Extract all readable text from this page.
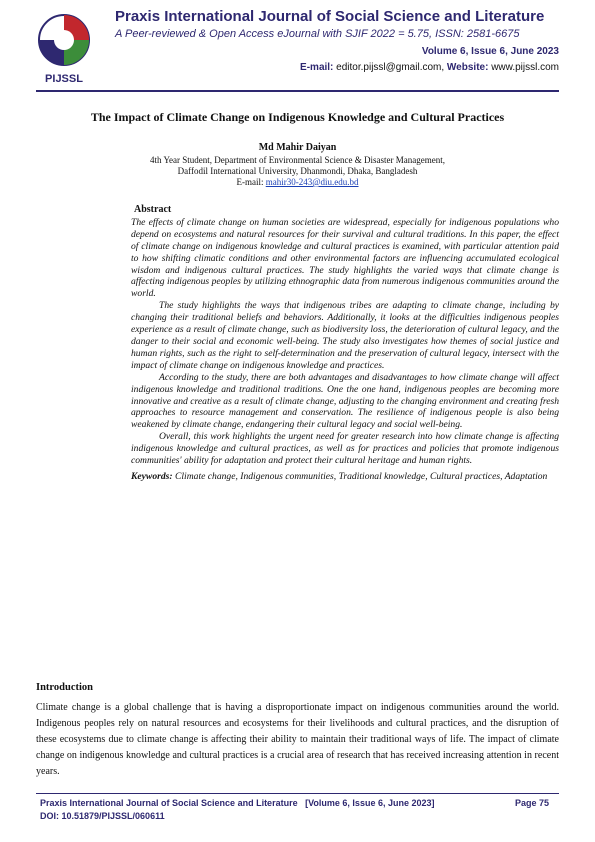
PIJSSL
Praxis International Journal of Social Science and Literature
A Peer-reviewed & Open Access eJournal with SJIF 2022 = 5.75, ISSN: 2581-6675
Volume 6, Issue 6, June 2023
E-mail: editor.pijssl@gmail.com, Website: www.pijssl.com
The Impact of Climate Change on Indigenous Knowledge and Cultural Practices
Md Mahir Daiyan
4th Year Student, Department of Environmental Science & Disaster Management,
Daffodil International University, Dhanmondi, Dhaka, Bangladesh
E-mail: mahir30-243@diu.edu.bd
Abstract

The effects of climate change on human societies are widespread, especially for indigenous populations who depend on ecosystems and natural resources for their survival and cultural traditions. In this paper, the effect of climate change on indigenous knowledge and cultural practices is examined, with particular attention paid to how shifting climatic conditions and other environmental factors are influencing accumulated ecological wisdom and indigenous cultural practices. The study highlights the varied ways that climate change is affecting indigenous peoples by utilizing ethnographic data from numerous indigenous communities around the world.

The study highlights the ways that indigenous tribes are adapting to climate change, including by changing their traditional beliefs and behaviors. Additionally, it looks at the difficulties indigenous peoples experience as a result of climate change, such as biodiversity loss, the deterioration of cultural legacy, and the danger to their social and economic well-being. The study also investigates how themes of social justice and human rights, such as the right to self-determination and the preservation of cultural legacy, intersect with the impact of climate change on indigenous knowledge and practices.

According to the study, there are both advantages and disadvantages to how climate change will affect indigenous knowledge and traditional traditions. One the one hand, indigenous peoples are becoming more innovative and creative as a result of climate change, adjusting to the changing environment and creating fresh approaches to resource management and conservation. The resilience of indigenous people is also being weakened by climate change, endangering their cultural legacy and social well-being.

Overall, this work highlights the urgent need for greater research into how climate change is affecting indigenous knowledge and cultural practices, as well as for practices and policies that promote indigenous communities' ability for adaptation and protect their cultural heritage and human rights.

Keywords: Climate change, Indigenous communities, Traditional knowledge, Cultural practices, Adaptation

Introduction
Climate change is a global challenge that is having a disproportionate impact on indigenous communities around the world. Indigenous peoples rely on natural resources and ecosystems for their livelihoods and cultural practices, and the disruption of these ecosystems due to climate change is affecting their ability to maintain their traditional ways of life. The impact of climate change on indigenous knowledge and cultural practices is a crucial area of research that has received increasing attention in recent years.
Praxis International Journal of Social Science and Literature [Volume 6, Issue 6, June 2023]	Page 75

DOI: 10.51879/PIJSSL/060611
